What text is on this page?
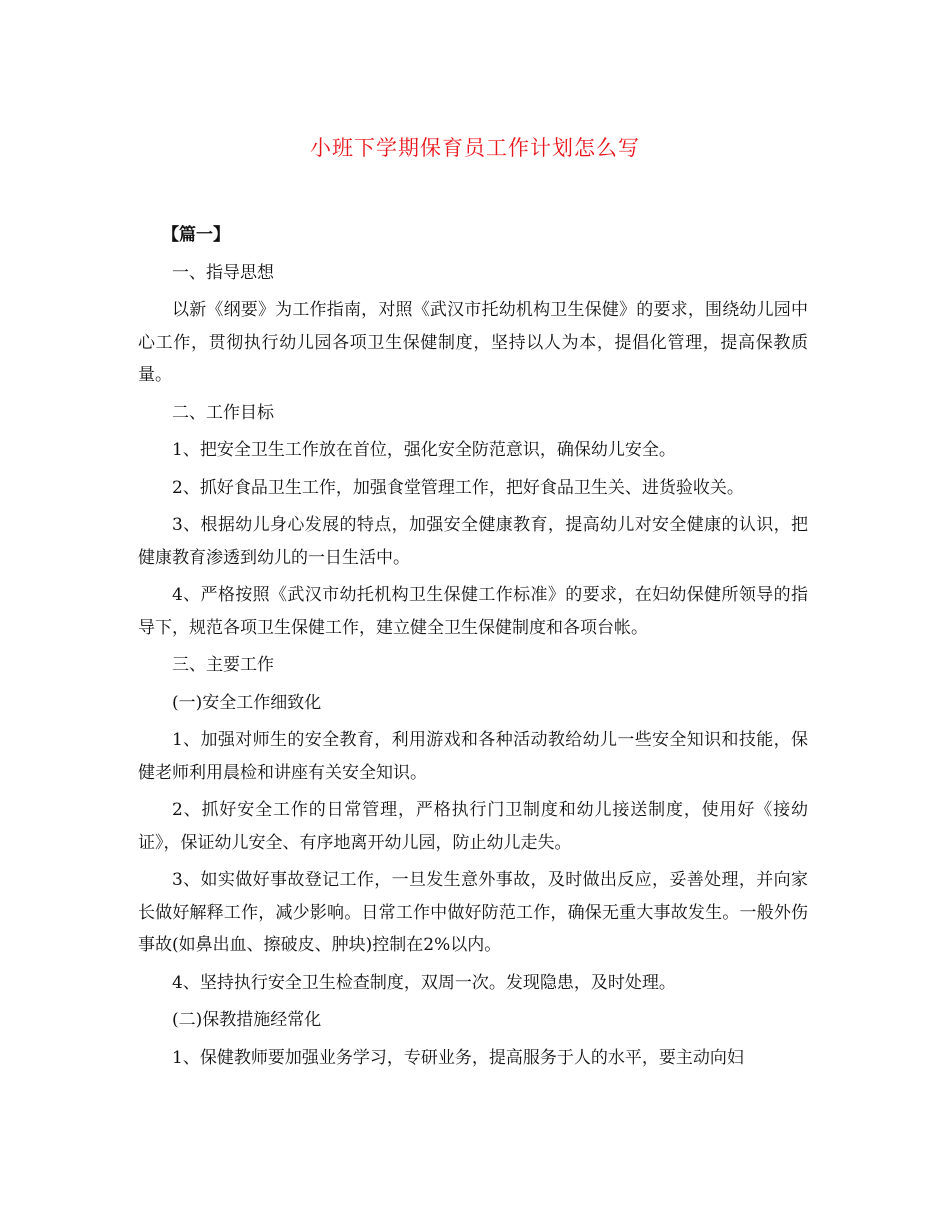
小班下学期保育员工作计划怎么写

【篇一】

一、指导思想

以新《纲要》为工作指南，对照《武汉市托幼机构卫生保健》的要求，围绕幼儿园中心工作，贯彻执行幼儿园各项卫生保健制度，坚持以人为本，提倡化管理，提高保教质量。

二、工作目标

1、把安全卫生工作放在首位，强化安全防范意识，确保幼儿安全。

2、抓好食品卫生工作，加强食堂管理工作，把好食品卫生关、进货验收关。

3、根据幼儿身心发展的特点，加强安全健康教育，提高幼儿对安全健康的认识，把健康教育渗透到幼儿的一日生活中。

4、严格按照《武汉市幼托机构卫生保健工作标准》的要求，在妇幼保健所领导的指导下，规范各项卫生保健工作，建立健全卫生保健制度和各项台帐。

三、主要工作

(一)安全工作细致化

1、加强对师生的安全教育，利用游戏和各种活动教给幼儿一些安全知识和技能，保健老师利用晨检和讲座有关安全知识。

2、抓好安全工作的日常管理，严格执行门卫制度和幼儿接送制度，使用好《接幼证》，保证幼儿安全、有序地离开幼儿园，防止幼儿走失。

3、如实做好事故登记工作，一旦发生意外事故，及时做出反应，妥善处理，并向家长做好解释工作，减少影响。日常工作中做好防范工作，确保无重大事故发生。一般外伤事故(如鼻出血、擦破皮、肿块)控制在2%以内。

4、坚持执行安全卫生检查制度，双周一次。发现隐患，及时处理。

(二)保教措施经常化

1、保健教师要加强业务学习，专研业务，提高服务于人的水平，要主动向妇
